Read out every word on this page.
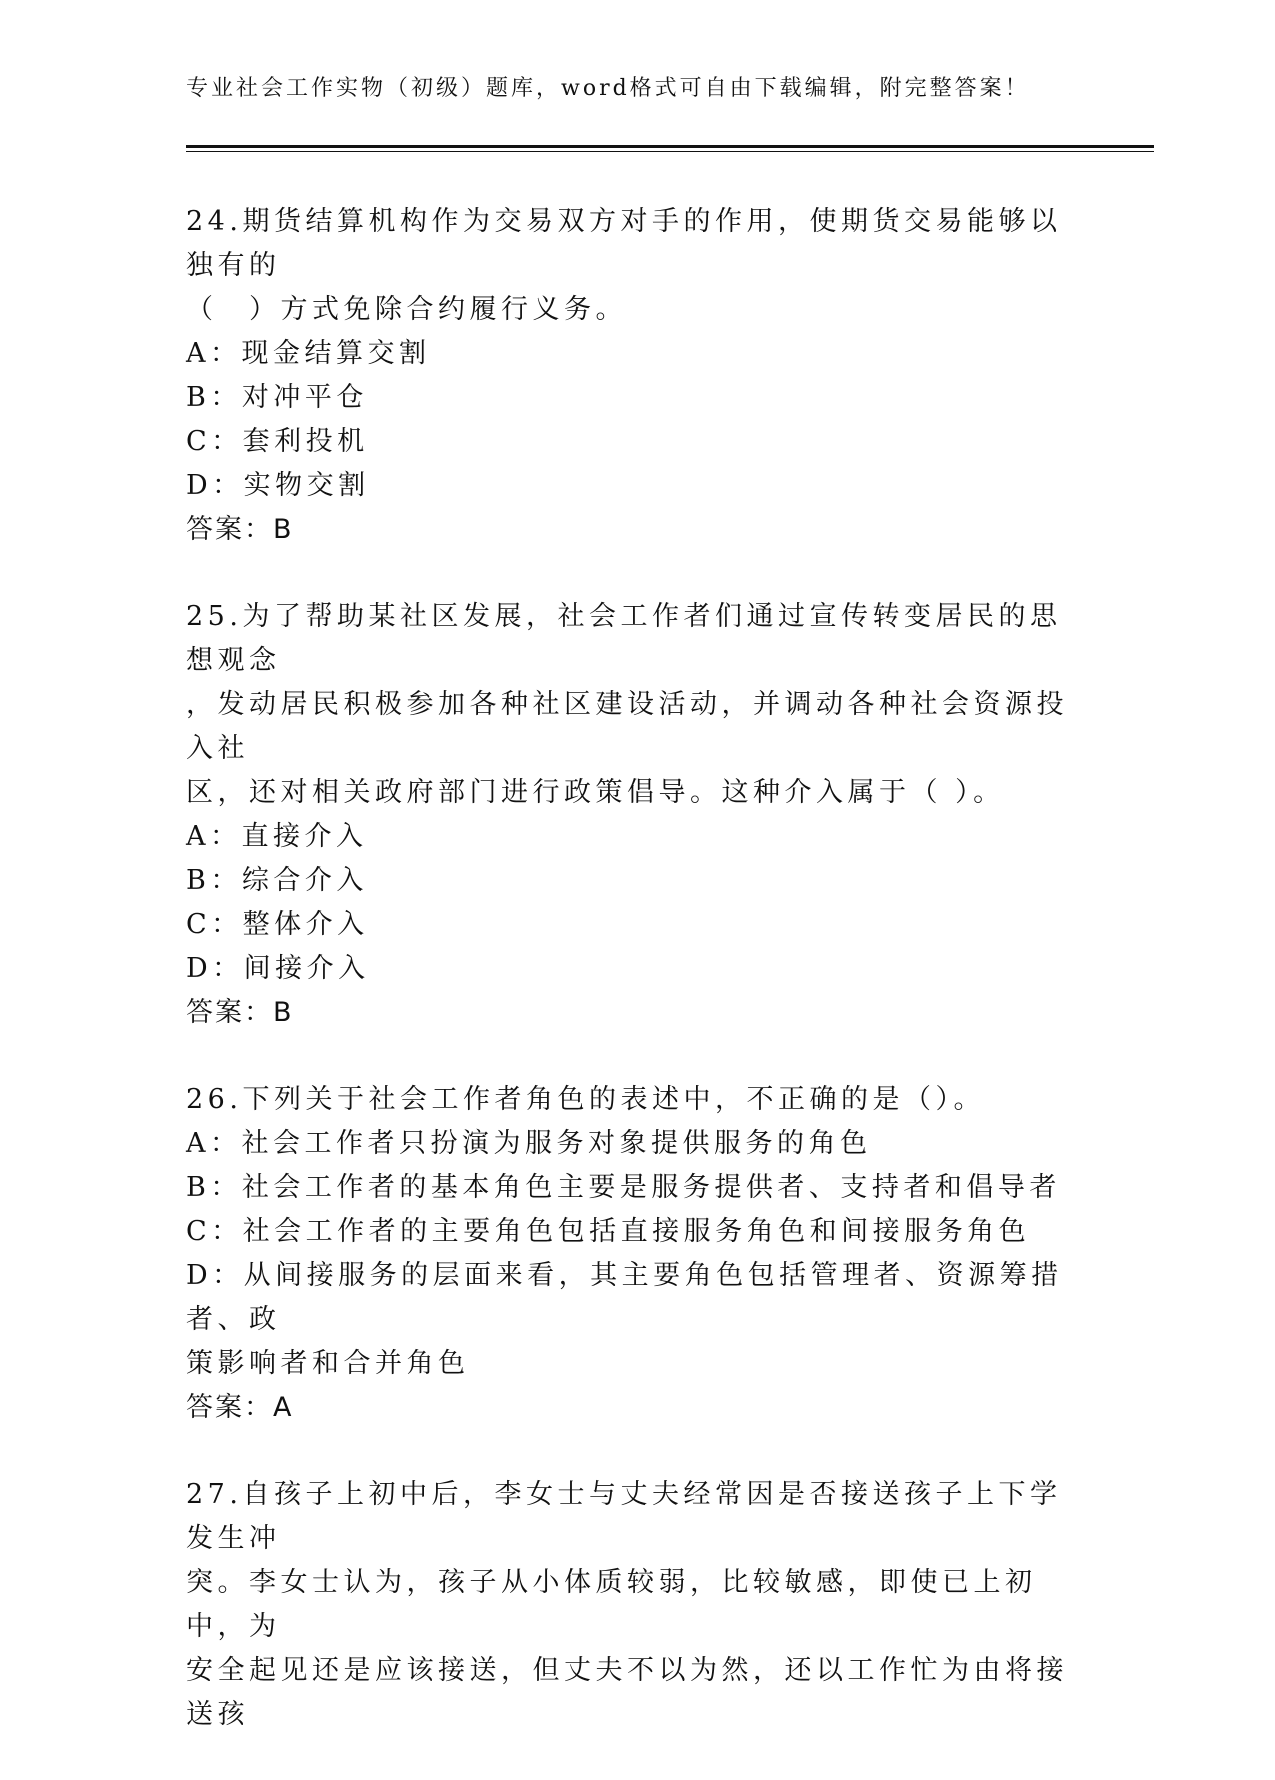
专业社会工作实物（初级）题库，word格式可自由下载编辑，附完整答案！

24.期货结算机构作为交易双方对手的作用，使期货交易能够以独有的
（　）方式免除合约履行义务。

A：现金结算交割

B：对冲平仓

C：套利投机

D：实物交割

答案：B

25.为了帮助某社区发展，社会工作者们通过宣传转变居民的思想观念
，发动居民积极参加各种社区建设活动，并调动各种社会资源投入社
区，还对相关政府部门进行政策倡导。这种介入属于（ ）。

A：直接介入

B：综合介入

C：整体介入

D：间接介入

答案：B

26.下列关于社会工作者角色的表述中，不正确的是（）。

A：社会工作者只扮演为服务对象提供服务的角色

B：社会工作者的基本角色主要是服务提供者、支持者和倡导者

C：社会工作者的主要角色包括直接服务角色和间接服务角色

D：从间接服务的层面来看，其主要角色包括管理者、资源筹措者、政
策影响者和合并角色

答案：A

27.自孩子上初中后，李女士与丈夫经常因是否接送孩子上下学发生冲
突。李女士认为，孩子从小体质较弱，比较敏感，即使已上初中，为
安全起见还是应该接送，但丈夫不以为然，还以工作忙为由将接送孩
